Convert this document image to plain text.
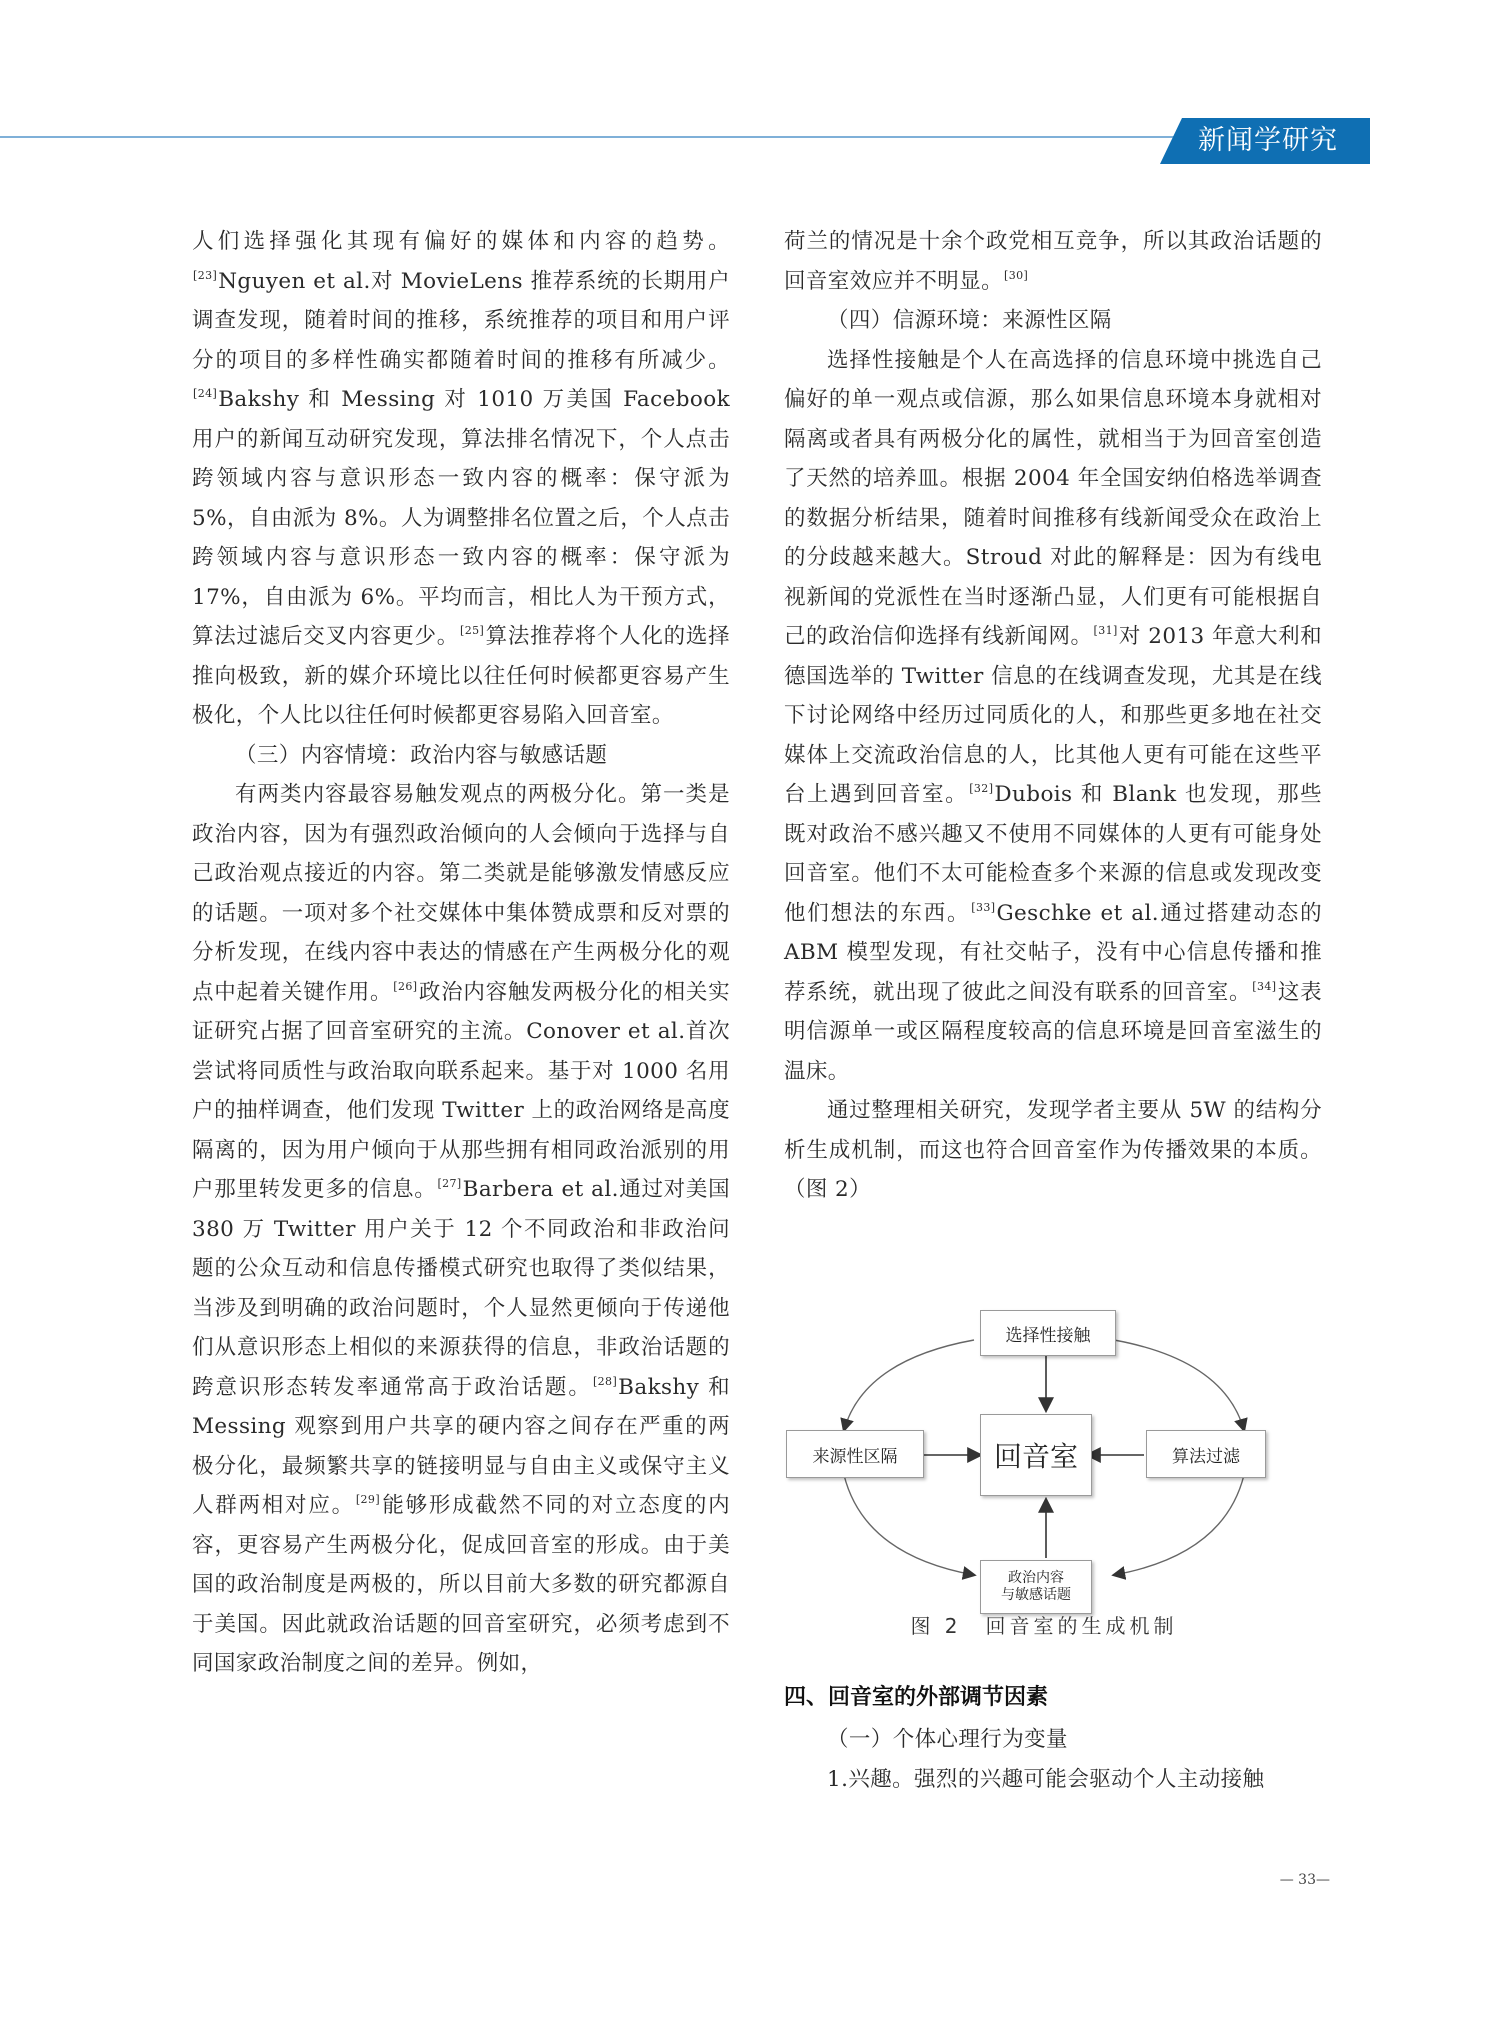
新闻学研究

人们选择强化其现有偏好的媒体和内容的趋势。[23]Nguyen et al.对 MovieLens 推荐系统的长期用户调查发现，随着时间的推移，系统推荐的项目和用户评分的项目的多样性确实都随着时间的推移有所减少。[24]Bakshy 和 Messing 对 1010 万美国 Facebook 用户的新闻互动研究发现，算法排名情况下，个人点击跨领域内容与意识形态一致内容的概率：保守派为 5%，自由派为 8%。人为调整排名位置之后，个人点击跨领域内容与意识形态一致内容的概率：保守派为 17%，自由派为 6%。平均而言，相比人为干预方式，算法过滤后交叉内容更少。[25]算法推荐将个人化的选择推向极致，新的媒介环境比以往任何时候都更容易产生极化，个人比以往任何时候都更容易陷入回音室。

（三）内容情境：政治内容与敏感话题

有两类内容最容易触发观点的两极分化。第一类是政治内容，因为有强烈政治倾向的人会倾向于选择与自己政治观点接近的内容。第二类就是能够激发情感反应的话题。一项对多个社交媒体中集体赞成票和反对票的分析发现，在线内容中表达的情感在产生两极分化的观点中起着关键作用。[26]政治内容触发两极分化的相关实证研究占据了回音室研究的主流。Conover et al.首次尝试将同质性与政治取向联系起来。基于对 1000 名用户的抽样调查，他们发现 Twitter 上的政治网络是高度隔离的，因为用户倾向于从那些拥有相同政治派别的用户那里转发更多的信息。[27]Barbera et al.通过对美国 380 万 Twitter 用户关于 12 个不同政治和非政治问题的公众互动和信息传播模式研究也取得了类似结果，当涉及到明确的政治问题时，个人显然更倾向于传递他们从意识形态上相似的来源获得的信息，非政治话题的跨意识形态转发率通常高于政治话题。[28]Bakshy 和 Messing 观察到用户共享的硬内容之间存在严重的两极分化，最频繁共享的链接明显与自由主义或保守主义人群两相对应。[29]能够形成截然不同的对立态度的内容，更容易产生两极分化，促成回音室的形成。由于美国的政治制度是两极的，所以目前大多数的研究都源自于美国。因此就政治话题的回音室研究，必须考虑到不同国家政治制度之间的差异。例如，

荷兰的情况是十余个政党相互竞争，所以其政治话题的回音室效应并不明显。[30]

（四）信源环境：来源性区隔

选择性接触是个人在高选择的信息环境中挑选自己偏好的单一观点或信源，那么如果信息环境本身就相对隔离或者具有两极分化的属性，就相当于为回音室创造了天然的培养皿。根据 2004 年全国安纳伯格选举调查的数据分析结果，随着时间推移有线新闻受众在政治上的分歧越来越大。Stroud 对此的解释是：因为有线电视新闻的党派性在当时逐渐凸显，人们更有可能根据自己的政治信仰选择有线新闻网。[31]对 2013 年意大利和德国选举的 Twitter 信息的在线调查发现，尤其是在线下讨论网络中经历过同质化的人，和那些更多地在社交媒体上交流政治信息的人，比其他人更有可能在这些平台上遇到回音室。[32]Dubois 和 Blank 也发现，那些既对政治不感兴趣又不使用不同媒体的人更有可能身处回音室。他们不太可能检查多个来源的信息或发现改变他们想法的东西。[33]Geschke et al.通过搭建动态的 ABM 模型发现，有社交帖子，没有中心信息传播和推荐系统，就出现了彼此之间没有联系的回音室。[34]这表明信源单一或区隔程度较高的信息环境是回音室滋生的温床。

通过整理相关研究，发现学者主要从 5W 的结构分析生成机制，而这也符合回音室作为传播效果的本质。（图 2）

选择性接触
来源性区隔	回音室	算法过滤
政治内容
与敏感话题
图 2　回音室的生成机制
四、回音室的外部调节因素

（一）个体心理行为变量

1.兴趣。强烈的兴趣可能会驱动个人主动接触

— 33—
